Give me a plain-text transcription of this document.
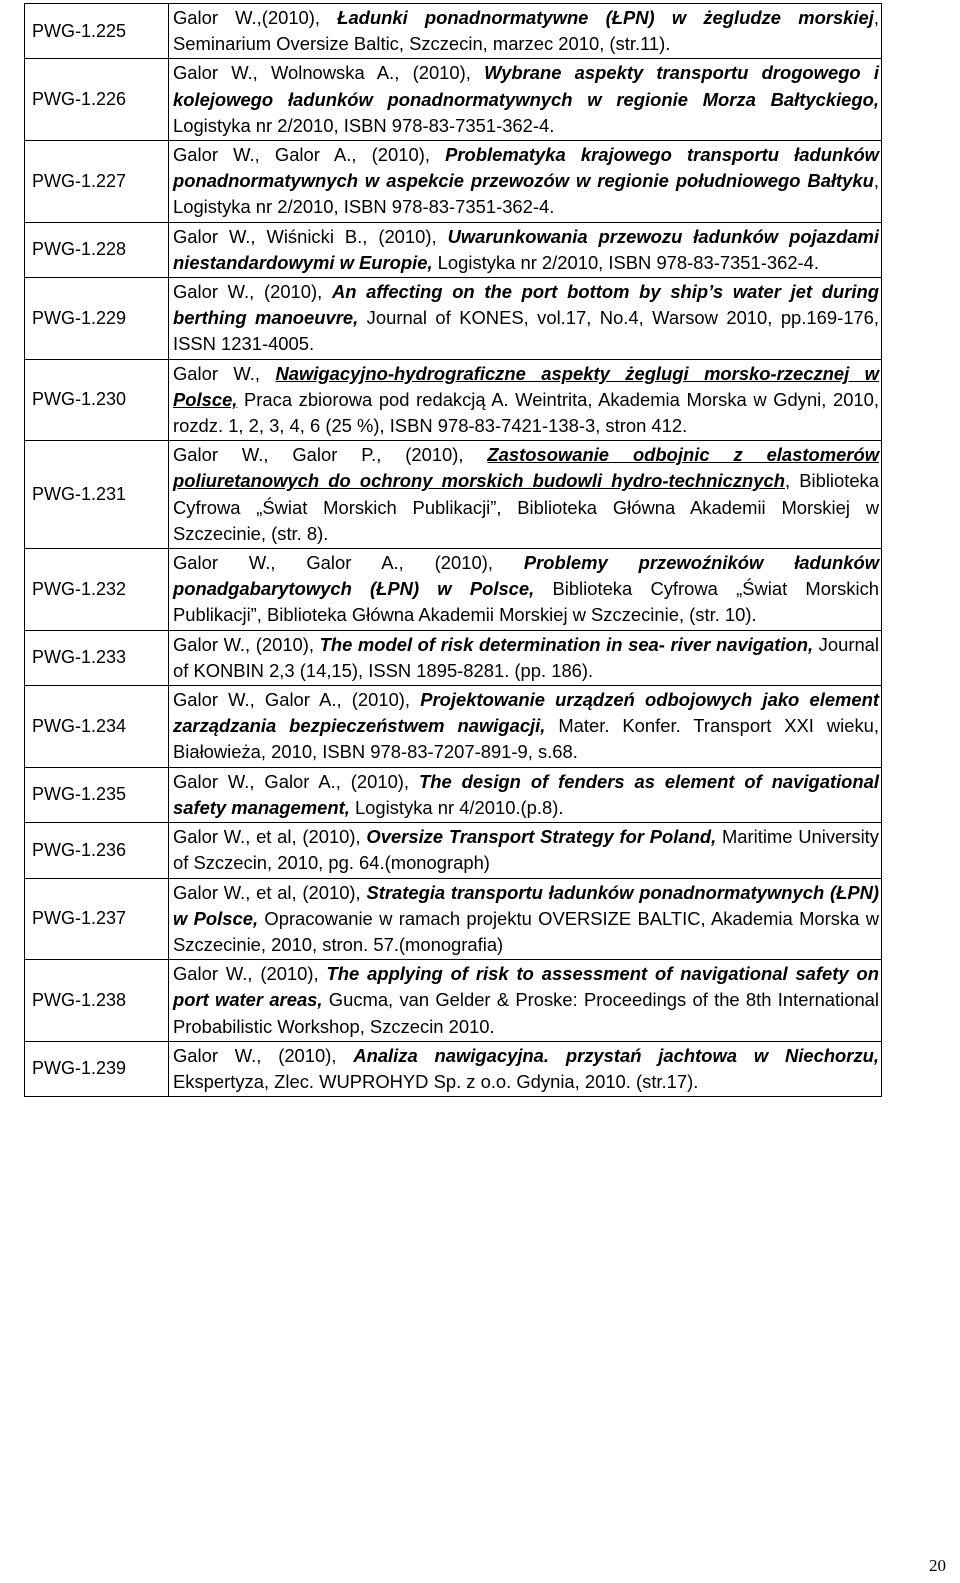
PWG-1.225	Galor W.,(2010), Ładunki ponadnormatywne (ŁPN) w żegludze morskiej, Seminarium Oversize Baltic, Szczecin, marzec 2010, (str.11).
PWG-1.226	Galor W., Wolnowska A., (2010), Wybrane aspekty transportu drogowego i kolejowego ładunków ponadnormatywnych w regionie Morza Bałtyckiego, Logistyka nr 2/2010, ISBN 978-83-7351-362-4.
PWG-1.227	Galor W., Galor A., (2010), Problematyka krajowego transportu ładunków ponadnormatywnych w aspekcie przewozów w regionie południowego Bałtyku, Logistyka nr 2/2010, ISBN 978-83-7351-362-4.
PWG-1.228	Galor W., Wiśnicki B., (2010), Uwarunkowania przewozu ładunków pojazdami niestandardowymi w Europie, Logistyka nr 2/2010, ISBN 978-83-7351-362-4.
PWG-1.229	Galor W., (2010), An affecting on the port bottom by ship’s water jet during berthing manoeuvre, Journal of KONES, vol.17, No.4, Warsow 2010, pp.169-176, ISSN 1231-4005.
PWG-1.230	Galor W., Nawigacyjno-hydrograficzne aspekty żeglugi morsko-rzecznej w Polsce, Praca zbiorowa pod redakcją A. Weintrita, Akademia Morska w Gdyni, 2010, rozdz. 1, 2, 3, 4, 6 (25 %), ISBN 978-83-7421-138-3, stron 412.
PWG-1.231	Galor W., Galor P., (2010), Zastosowanie odbojnic z elastomerów poliuretanowych do ochrony morskich budowli hydro-technicznych, Biblioteka Cyfrowa „Świat Morskich Publikacji”, Biblioteka Główna Akademii Morskiej w Szczecinie, (str. 8).
PWG-1.232	Galor W., Galor A., (2010), Problemy przewoźników ładunków ponadgabarytowych (ŁPN) w Polsce, Biblioteka Cyfrowa „Świat Morskich Publikacji”, Biblioteka Główna Akademii Morskiej w Szczecinie, (str. 10).
PWG-1.233	Galor W., (2010), The model of risk determination in sea- river navigation, Journal of KONBIN 2,3 (14,15), ISSN 1895-8281. (pp. 186).
PWG-1.234	Galor W., Galor A., (2010), Projektowanie urządzeń odbojowych jako element zarządzania bezpieczeństwem nawigacji, Mater. Konfer. Transport XXI wieku, Białowieża, 2010, ISBN 978-83-7207-891-9, s.68.
PWG-1.235	Galor W., Galor A., (2010), The design of fenders as element of navigational safety management, Logistyka nr 4/2010.(p.8).
PWG-1.236	Galor W., et al, (2010), Oversize Transport Strategy for Poland, Maritime University of Szczecin, 2010, pg. 64.(monograph)
PWG-1.237	Galor W., et al, (2010), Strategia transportu ładunków ponadnormatywnych (ŁPN) w Polsce, Opracowanie w ramach projektu OVERSIZE BALTIC, Akademia Morska w Szczecinie, 2010, stron. 57.(monografia)
PWG-1.238	Galor W., (2010), The applying of risk to assessment of navigational safety on port water areas, Gucma, van Gelder & Proske: Proceedings of the 8th International Probabilistic Workshop, Szczecin 2010.
PWG-1.239	Galor W., (2010), Analiza nawigacyjna. przystań jachtowa w Niechorzu, Ekspertyza, Zlec. WUPROHYD Sp. z o.o. Gdynia, 2010. (str.17).
20
